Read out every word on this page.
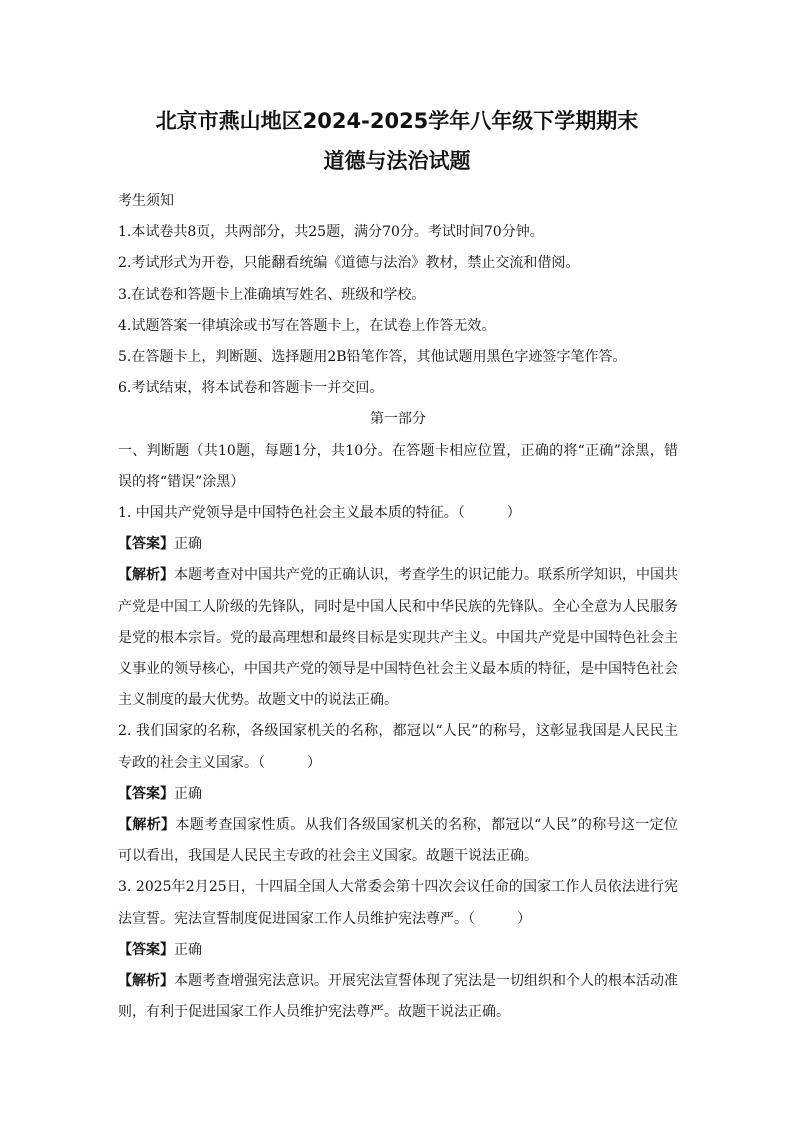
北京市燕山地区2024-2025学年八年级下学期期末
道德与法治试题

考生须知

1.本试卷共8页，共两部分，共25题，满分70分。考试时间70分钟。

2.考试形式为开卷，只能翻看统编《道德与法治》教材，禁止交流和借阅。

3.在试卷和答题卡上准确填写姓名、班级和学校。

4.试题答案一律填涂或书写在答题卡上，在试卷上作答无效。

5.在答题卡上，判断题、选择题用2B铅笔作答，其他试题用黑色字迹签字笔作答。

6.考试结束，将本试卷和答题卡一并交回。

第一部分

一、判断题（共10题，每题1分，共10分。在答题卡相应位置，正确的将“正确”涂黑，错误的将“错误”涂黑）

1. 中国共产党领导是中国特色社会主义最本质的特征。（　　　）

【答案】正确

【解析】本题考查对中国共产党的正确认识，考查学生的识记能力。联系所学知识，中国共产党是中国工人阶级的先锋队，同时是中国人民和中华民族的先锋队。全心全意为人民服务是党的根本宗旨。党的最高理想和最终目标是实现共产主义。中国共产党是中国特色社会主义事业的领导核心，中国共产党的领导是中国特色社会主义最本质的特征，是中国特色社会主义制度的最大优势。故题文中的说法正确。

2. 我们国家的名称，各级国家机关的名称，都冠以“人民”的称号，这彰显我国是人民民主专政的社会主义国家。（　　　）

【答案】正确

【解析】本题考查国家性质。从我们各级国家机关的名称，都冠以“人民”的称号这一定位可以看出，我国是人民民主专政的社会主义国家。故题干说法正确。

3. 2025年2月25日，十四届全国人大常委会第十四次会议任命的国家工作人员依法进行宪法宣誓。宪法宣誓制度促进国家工作人员维护宪法尊严。（　　　）

【答案】正确

【解析】本题考查增强宪法意识。开展宪法宣誓体现了宪法是一切组织和个人的根本活动准则，有利于促进国家工作人员维护宪法尊严。故题干说法正确。
